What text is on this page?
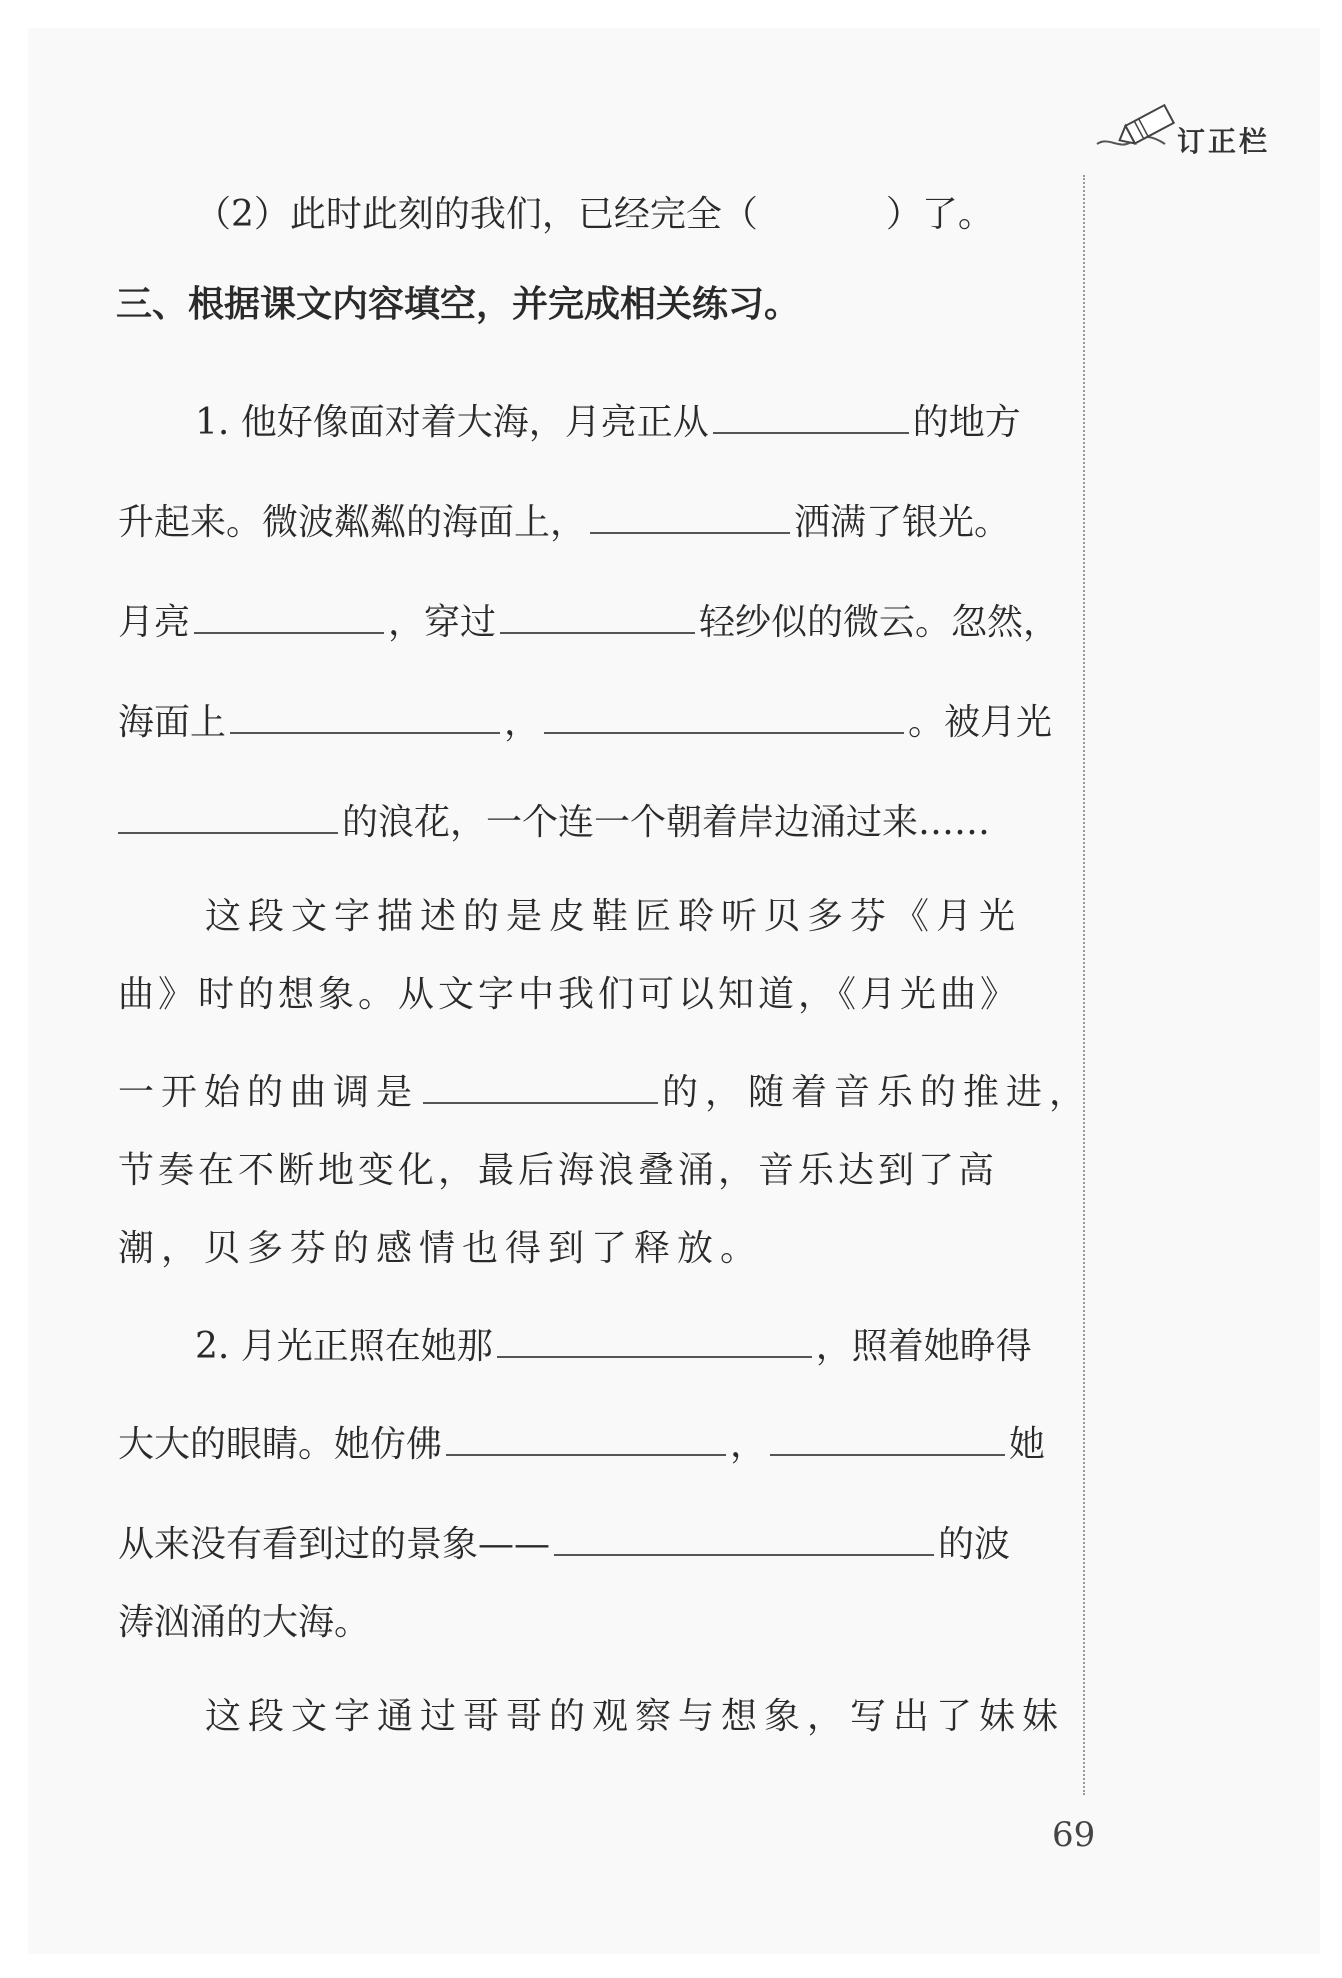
订正栏
（2）此时此刻的我们，已经完全（	）了。
三、根据课文内容填空，并完成相关练习。
1. 他好像面对着大海，月亮正从	的地方
升起来。微波粼粼的海面上，	洒满了银光。
月亮	，穿过	轻纱似的微云。忽然，
海面上	，	。被月光
的浪花，一个连一个朝着岸边涌过来……
这段文字描述的是皮鞋匠聆听贝多芬《月光
曲》时的想象。从文字中我们可以知道，《月光曲》
一开始的曲调是	的，随着音乐的推进，
节奏在不断地变化，最后海浪叠涌，音乐达到了高
潮，贝多芬的感情也得到了释放。
2. 月光正照在她那	，照着她睁得
大大的眼睛。她仿佛	，	她
从来没有看到过的景象——	的波
涛汹涌的大海。
这段文字通过哥哥的观察与想象，写出了妹妹
69
